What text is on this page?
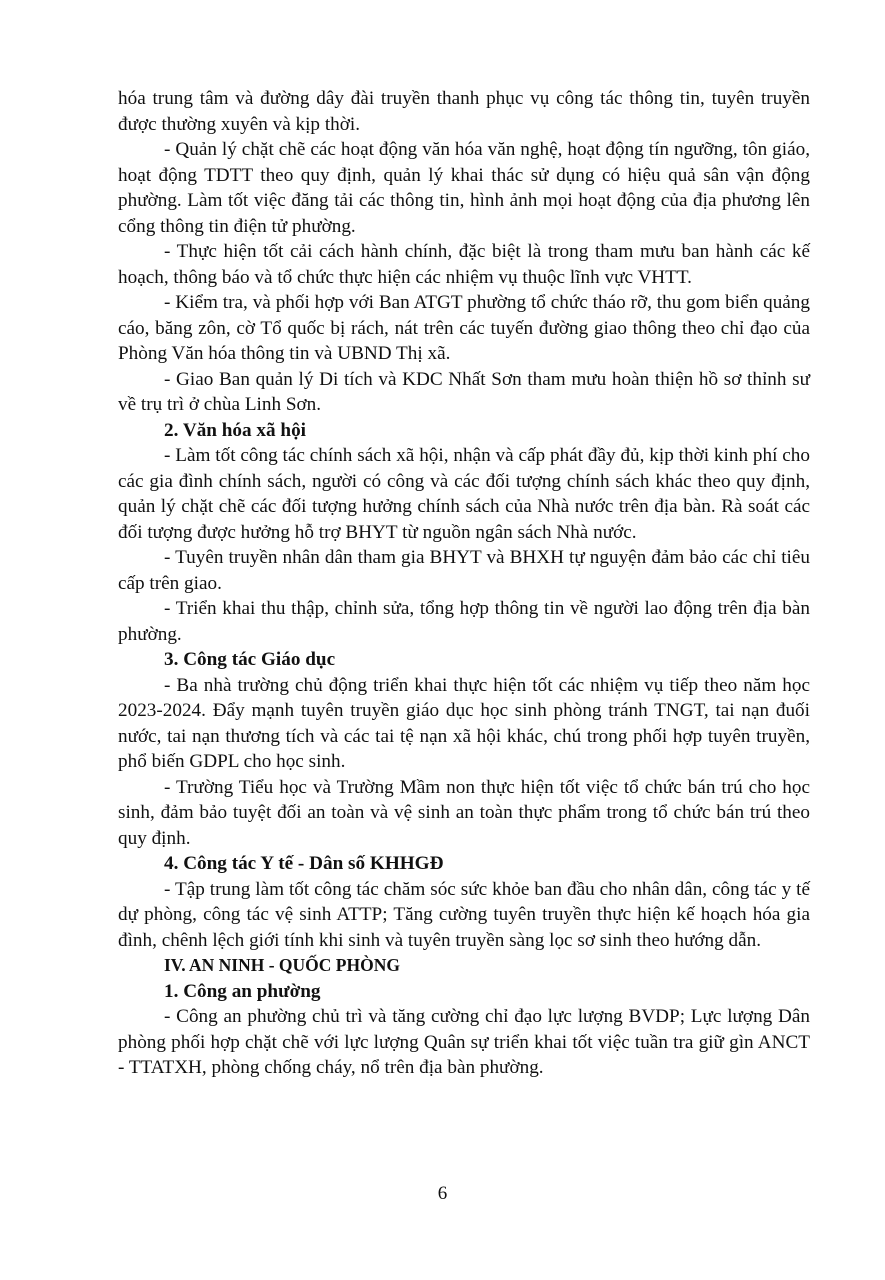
hóa trung tâm và đường dây đài truyền thanh phục vụ công tác thông tin, tuyên truyền được thường xuyên và kịp thời.

- Quản lý chặt chẽ các hoạt động văn hóa văn nghệ, hoạt động tín ngưỡng, tôn giáo, hoạt động TDTT theo quy định, quản lý khai thác sử dụng có hiệu quả sân vận động phường. Làm tốt việc đăng tải các thông tin, hình ảnh mọi hoạt động của địa phương lên cổng thông tin điện tử phường.

- Thực hiện tốt cải cách hành chính, đặc biệt là trong tham mưu ban hành các kế hoạch, thông báo và tổ chức thực hiện các nhiệm vụ thuộc lĩnh vực VHTT.

- Kiểm tra, và phối hợp với Ban ATGT phường tổ chức tháo rỡ, thu gom biển quảng cáo, băng zôn, cờ Tổ quốc bị rách, nát trên các tuyến đường giao thông theo chỉ đạo của Phòng Văn hóa thông tin và UBND Thị xã.

- Giao Ban quản lý Di tích và KDC Nhất Sơn tham mưu hoàn thiện hồ sơ thỉnh sư về trụ trì ở chùa Linh Sơn.

2. Văn hóa xã hội

- Làm tốt công tác chính sách xã hội, nhận và cấp phát đầy đủ, kịp thời kinh phí cho các gia đình chính sách, người có công và các đối tượng chính sách khác theo quy định, quản lý chặt chẽ các đối tượng hưởng chính sách của Nhà nước trên địa bàn. Rà soát các đối tượng được hưởng hỗ trợ BHYT từ nguồn ngân sách Nhà nước.

- Tuyên truyền nhân dân tham gia BHYT và BHXH tự nguyện đảm bảo các chỉ tiêu cấp trên giao.

- Triển khai thu thập, chỉnh sửa, tổng hợp thông tin về người lao động trên địa bàn phường.

3. Công tác Giáo dục

- Ba nhà trường chủ động triển khai thực hiện tốt các nhiệm vụ tiếp theo năm học 2023-2024. Đẩy mạnh tuyên truyền giáo dục học sinh phòng tránh TNGT, tai nạn đuối nước, tai nạn thương tích và các tai tệ nạn xã hội khác, chú trong phối hợp tuyên truyền, phổ biến GDPL cho học sinh.

- Trường Tiểu học và Trường Mầm non thực hiện tốt việc tổ chức bán trú cho học sinh, đảm bảo tuyệt đối an toàn và vệ sinh an toàn thực phẩm trong tổ chức bán trú theo quy định.

4. Công tác Y tế - Dân số KHHGĐ

- Tập trung làm tốt công tác chăm sóc sức khỏe ban đầu cho nhân dân, công tác y tế dự phòng, công tác vệ sinh ATTP; Tăng cường tuyên truyền thực hiện kế hoạch hóa gia đình, chênh lệch giới tính khi sinh và tuyên truyền sàng lọc sơ sinh theo hướng dẫn.

IV. AN NINH - QUỐC PHÒNG

1. Công an phường

- Công an phường chủ trì và tăng cường chỉ đạo lực lượng BVDP; Lực lượng Dân phòng phối hợp chặt chẽ với lực lượng Quân sự triển khai tốt việc tuần tra giữ gìn ANCT - TTATXH, phòng chống cháy, nổ trên địa bàn phường.

6
